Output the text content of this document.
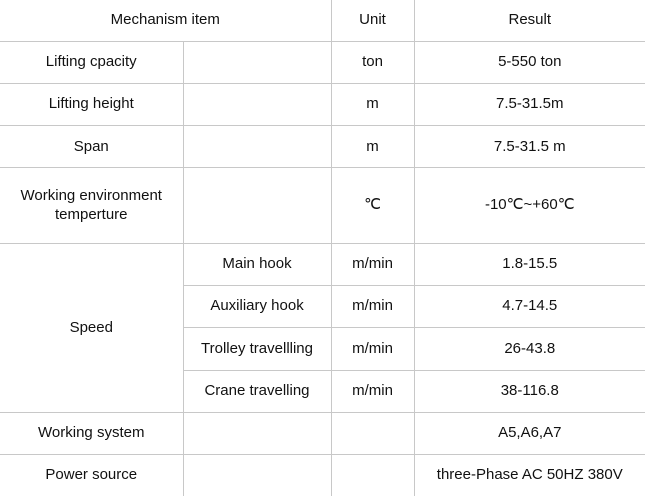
Mechanism item		Unit	Result
Lifting cpacity		ton	5-550 ton
Lifting height		m	7.5-31.5m
Span		m	7.5-31.5 m
Working environment
temperture		℃	-10℃~+60℃
Speed	Main hook	m/min	1.8-15.5
	Auxiliary hook	m/min	4.7-14.5
	Trolley travellling	m/min	26-43.8
	Crane travelling	m/min	38-116.8
Working system			A5,A6,A7
Power source			three-Phase AC 50HZ 380V
